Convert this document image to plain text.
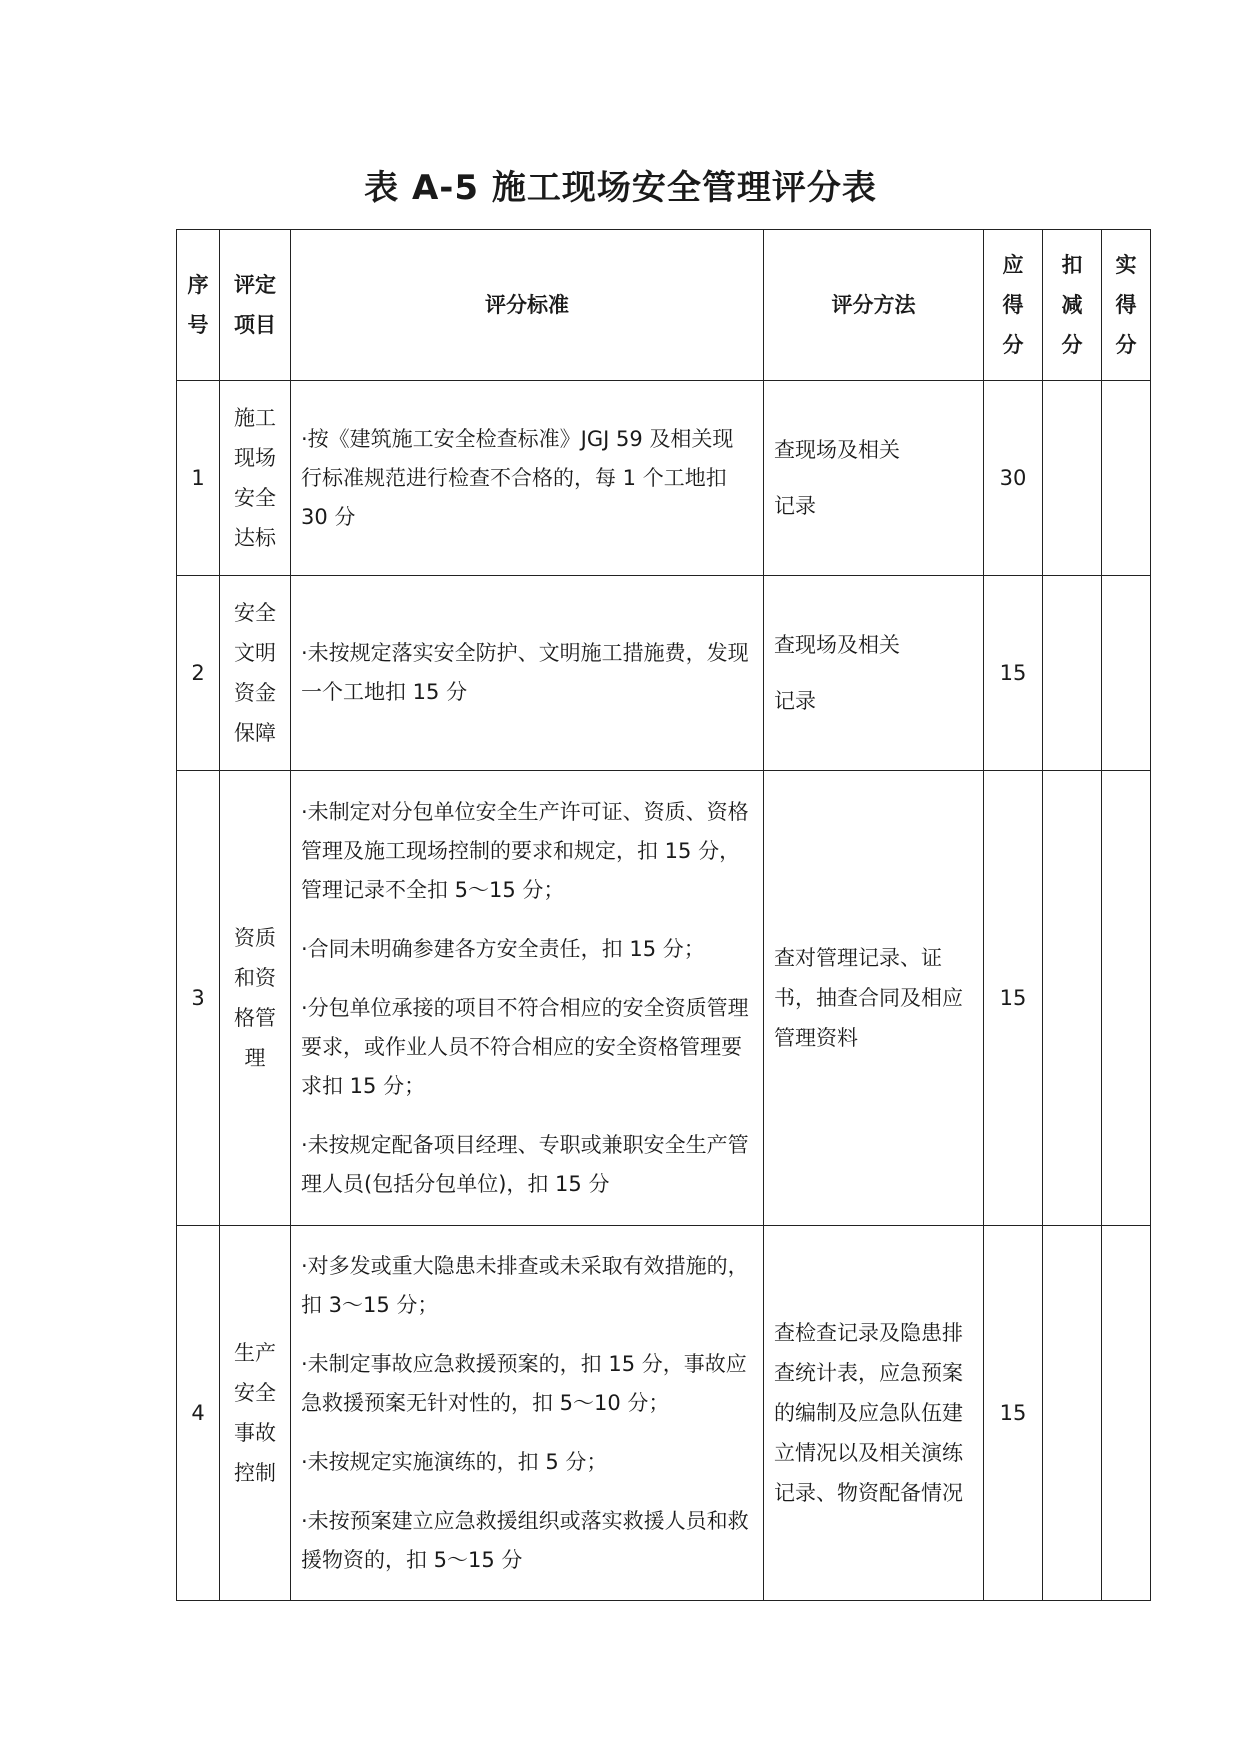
表 A-5 施工现场安全管理评分表
序号	评定项目	评分标准	评分方法	应得分	扣减分	实得分

1	施工现场安全达标	·按《建筑施工安全检查标准》JGJ 59 及相关现行标准规范进行检查不合格的，每 1 个工地扣 30 分	查现场及相关
记录	30		
2	安全文明资金保障	·未按规定落实安全防护、文明施工措施费，发现一个工地扣 15 分	查现场及相关
记录	15		
3	资质和资格管理	·未制定对分包单位安全生产许可证、资质、资格管理及施工现场控制的要求和规定，扣 15 分，管理记录不全扣 5～15 分；

·合同未明确参建各方安全责任，扣 15 分；

·分包单位承接的项目不符合相应的安全资质管理要求，或作业人员不符合相应的安全资格管理要求扣 15 分；

·未按规定配备项目经理、专职或兼职安全生产管理人员(包括分包单位)，扣 15 分	查对管理记录、证书，抽查合同及相应管理资料	15		
4	生产安全事故控制	·对多发或重大隐患未排查或未采取有效措施的，扣 3～15 分；

·未制定事故应急救援预案的，扣 15 分，事故应急救援预案无针对性的，扣 5～10 分；

·未按规定实施演练的，扣 5 分；

·未按预案建立应急救援组织或落实救援人员和救援物资的，扣 5～15 分	查检查记录及隐患排查统计表，应急预案的编制及应急队伍建立情况以及相关演练记录、物资配备情况	15		
